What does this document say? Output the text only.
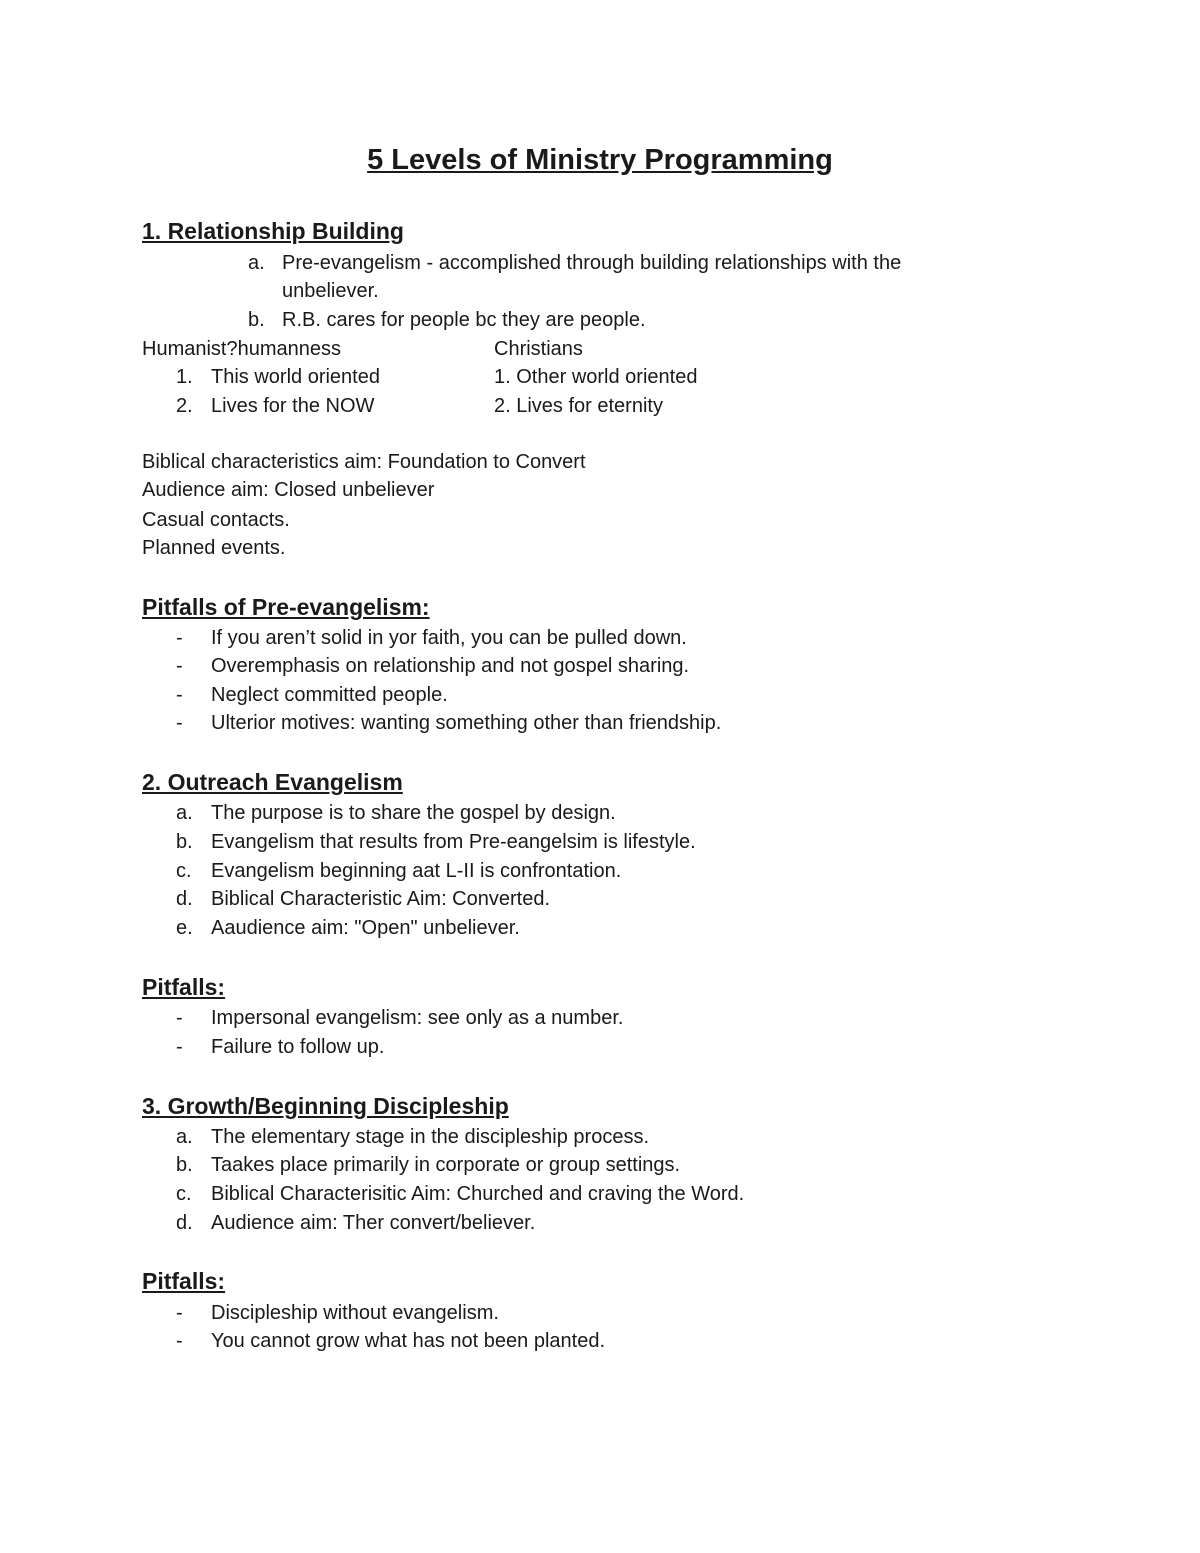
5 Levels of Ministry Programming
1. Relationship Building
a. Pre-evangelism - accomplished through building relationships with the
unbeliever.
b. R.B. cares for people bc they are people.
Humanist?humanness	Christians
1. This world oriented	1. Other world oriented
2. Lives for the NOW	2. Lives for eternity
Biblical characteristics aim: Foundation to Convert
Audience aim: Closed unbeliever
Casual contacts.
Planned events.
Pitfalls of Pre-evangelism:
- If you aren’t solid in yor faith, you can be pulled down.
- Overemphasis on relationship and not gospel sharing.
- Neglect committed people.
- Ulterior motives: wanting something other than friendship.
2. Outreach Evangelism
a. The purpose is to share the gospel by design.
b. Evangelism that results from Pre-eangelsim is lifestyle.
c. Evangelism beginning aat L-II is confrontation.
d. Biblical Characteristic Aim: Converted.
e. Aaudience aim: "Open" unbeliever.
Pitfalls:
- Impersonal evangelism: see only as a number.
- Failure to follow up.
3. Growth/Beginning Discipleship
a. The elementary stage in the discipleship process.
b. Taakes place primarily in corporate or group settings.
c. Biblical Characterisitic Aim: Churched and craving the Word.
d. Audience aim: Ther convert/believer.
Pitfalls:
- Discipleship without evangelism.
- You cannot grow what has not been planted.
